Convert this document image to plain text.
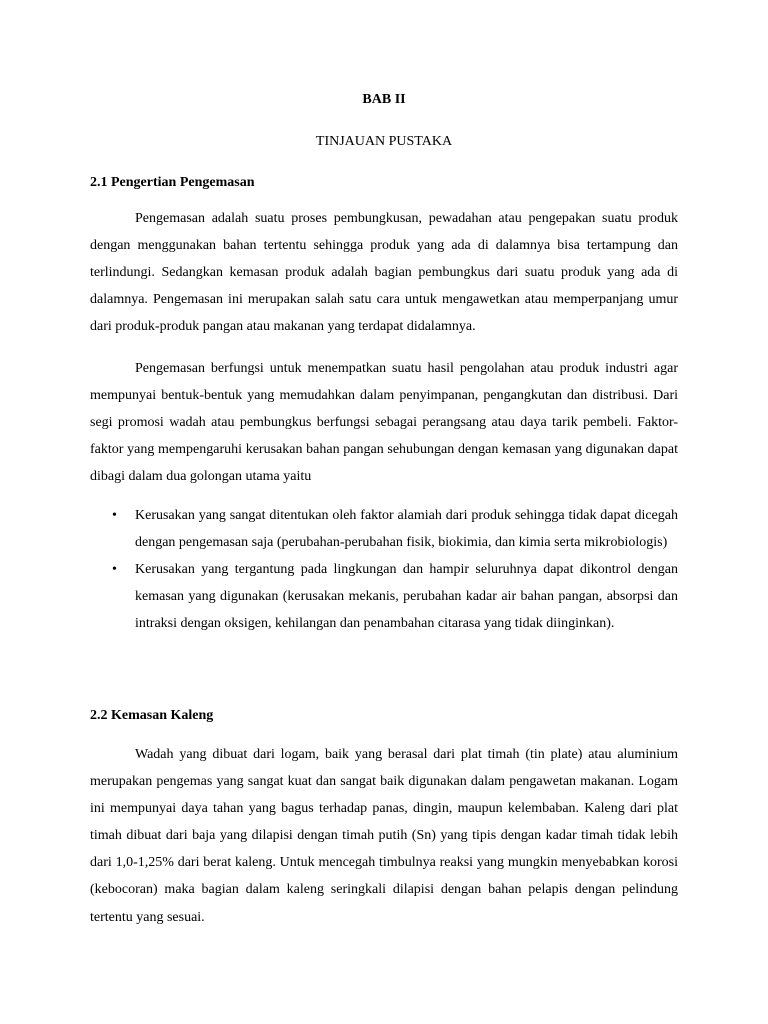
BAB II

TINJAUAN PUSTAKA

2.1 Pengertian Pengemasan

Pengemasan adalah suatu proses pembungkusan, pewadahan atau pengepakan suatu produk dengan menggunakan bahan tertentu sehingga produk yang ada di dalamnya bisa tertampung dan terlindungi. Sedangkan kemasan produk adalah bagian pembungkus dari suatu produk yang ada di dalamnya. Pengemasan ini merupakan salah satu cara untuk mengawetkan atau memperpanjang umur dari produk-produk pangan atau makanan yang terdapat didalamnya.

Pengemasan berfungsi untuk menempatkan suatu hasil pengolahan atau produk industri agar mempunyai bentuk-bentuk yang memudahkan dalam penyimpanan, pengangkutan dan distribusi. Dari segi promosi wadah atau pembungkus berfungsi sebagai perangsang atau daya tarik pembeli. Faktor-faktor yang mempengaruhi kerusakan bahan pangan sehubungan dengan kemasan yang digunakan dapat dibagi dalam dua golongan utama yaitu

• Kerusakan yang sangat ditentukan oleh faktor alamiah dari produk sehingga tidak dapat dicegah dengan pengemasan saja (perubahan-perubahan fisik, biokimia, dan kimia serta mikrobiologis)
• Kerusakan yang tergantung pada lingkungan dan hampir seluruhnya dapat dikontrol dengan kemasan yang digunakan (kerusakan mekanis, perubahan kadar air bahan pangan, absorpsi dan intraksi dengan oksigen, kehilangan dan penambahan citarasa yang tidak diinginkan).

2.2 Kemasan Kaleng

Wadah yang dibuat dari logam, baik yang berasal dari plat timah (tin plate) atau aluminium merupakan pengemas yang sangat kuat dan sangat baik digunakan dalam pengawetan makanan. Logam ini mempunyai daya tahan yang bagus terhadap panas, dingin, maupun kelembaban. Kaleng dari plat timah dibuat dari baja yang dilapisi dengan timah putih (Sn) yang tipis dengan kadar timah tidak lebih dari 1,0-1,25% dari berat kaleng. Untuk mencegah timbulnya reaksi yang mungkin menyebabkan korosi (kebocoran) maka bagian dalam kaleng seringkali dilapisi dengan bahan pelapis dengan pelindung tertentu yang sesuai.
